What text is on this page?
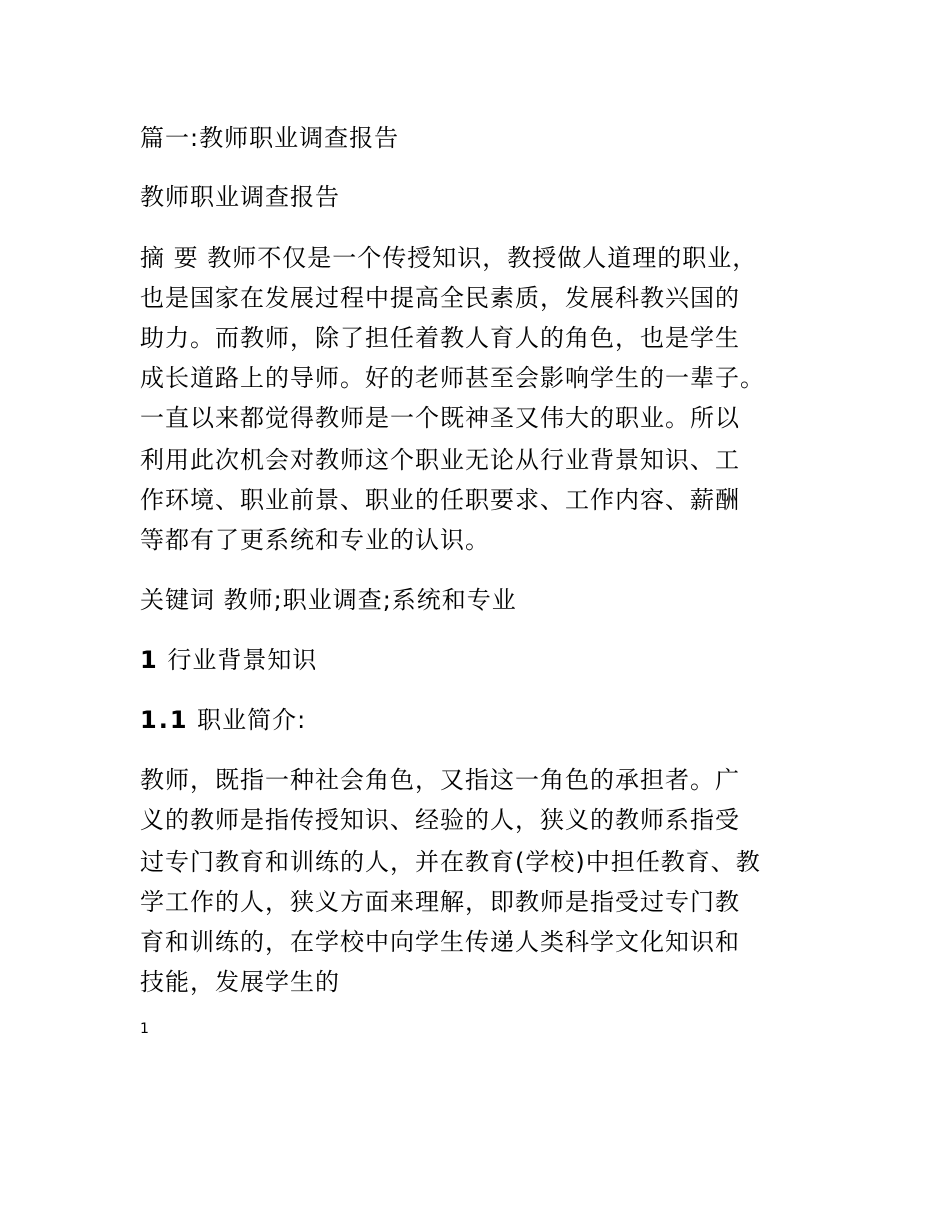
篇一:教师职业调查报告
教师职业调查报告
摘 要 教师不仅是一个传授知识，教授做人道理的职业，
也是国家在发展过程中提高全民素质，发展科教兴国的
助力。而教师，除了担任着教人育人的角色，也是学生
成长道路上的导师。好的老师甚至会影响学生的一辈子。
一直以来都觉得教师是一个既神圣又伟大的职业。所以
利用此次机会对教师这个职业无论从行业背景知识、工
作环境、职业前景、职业的任职要求、工作内容、薪酬
等都有了更系统和专业的认识。
关键词 教师;职业调查;系统和专业
1 行业背景知识
1.1 职业简介:
教师，既指一种社会角色，又指这一角色的承担者。广
义的教师是指传授知识、经验的人，狭义的教师系指受
过专门教育和训练的人，并在教育(学校)中担任教育、教
学工作的人，狭义方面来理解，即教师是指受过专门教
育和训练的，在学校中向学生传递人类科学文化知识和
技能，发展学生的
1
